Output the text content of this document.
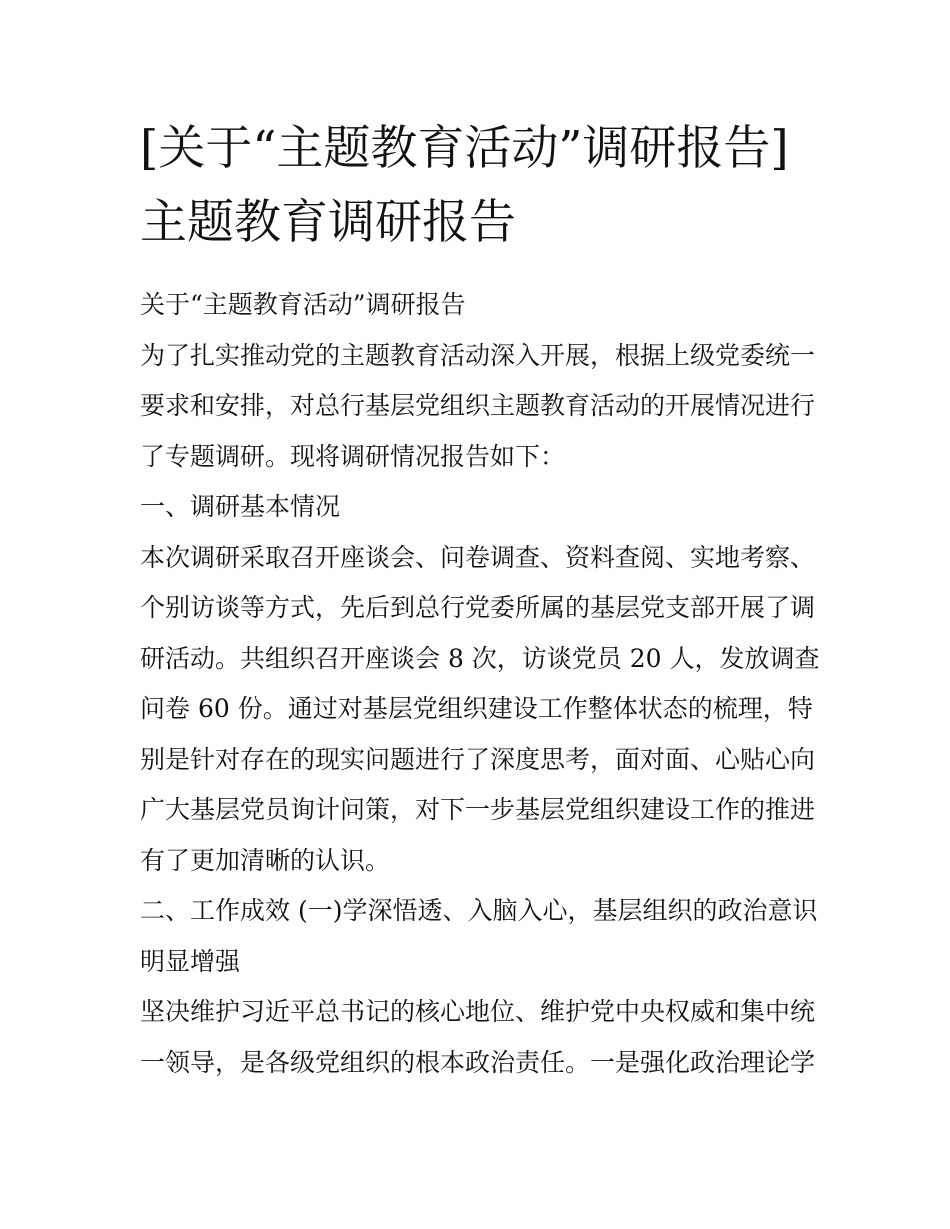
[关于“主题教育活动”调研报告] 主题教育调研报告

关于“主题教育活动”调研报告

为了扎实推动党的主题教育活动深入开展，根据上级党委统一要求和安排，对总行基层党组织主题教育活动的开展情况进行了专题调研。现将调研情况报告如下：

一、调研基本情况

本次调研采取召开座谈会、问卷调查、资料查阅、实地考察、个别访谈等方式，先后到总行党委所属的基层党支部开展了调研活动。共组织召开座谈会 8 次，访谈党员 20 人，发放调查问卷 60 份。通过对基层党组织建设工作整体状态的梳理，特别是针对存在的现实问题进行了深度思考，面对面、心贴心向广大基层党员询计问策，对下一步基层党组织建设工作的推进有了更加清晰的认识。

二、工作成效 (一)学深悟透、入脑入心，基层组织的政治意识明显增强

坚决维护习近平总书记的核心地位、维护党中央权威和集中统一领导，是各级党组织的根本政治责任。一是强化政治理论学
